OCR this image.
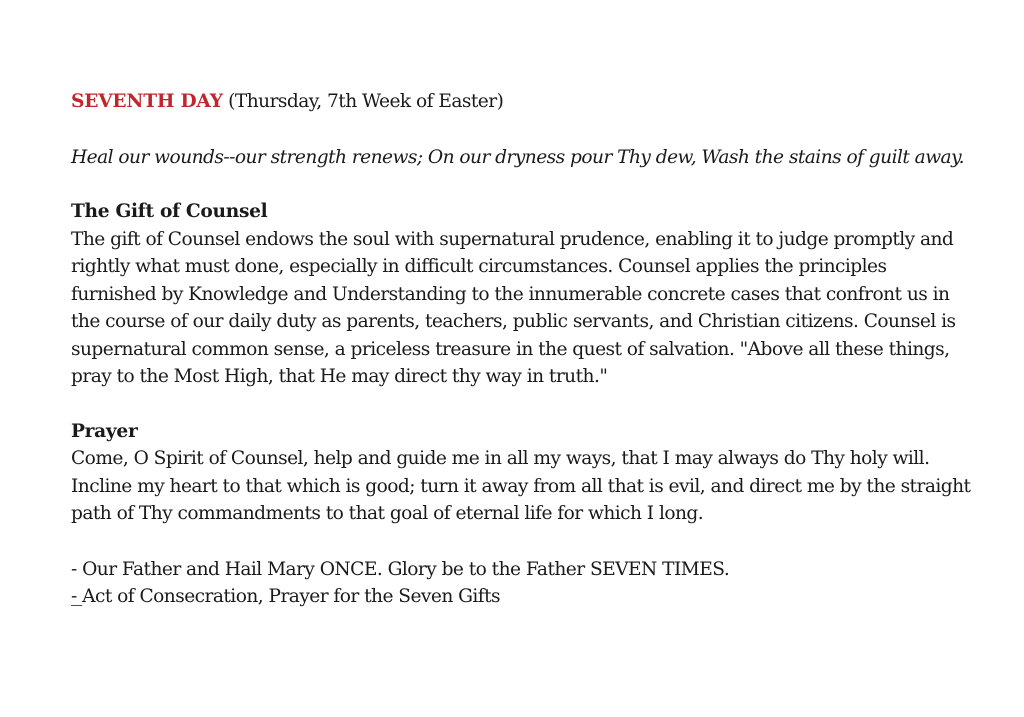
SEVENTH DAY (Thursday, 7th Week of Easter)

Heal our wounds--our strength renews; On our dryness pour Thy dew, Wash the stains of guilt away.

The Gift of Counsel

The gift of Counsel endows the soul with supernatural prudence, enabling it to judge promptly and rightly what must done, especially in difficult circumstances. Counsel applies the principles furnished by Knowledge and Understanding to the innumerable concrete cases that confront us in the course of our daily duty as parents, teachers, public servants, and Christian citizens. Counsel is supernatural common sense, a priceless treasure in the quest of salvation. "Above all these things, pray to the Most High, that He may direct thy way in truth."

Prayer

Come, O Spirit of Counsel, help and guide me in all my ways, that I may always do Thy holy will. Incline my heart to that which is good; turn it away from all that is evil, and direct me by the straight path of Thy commandments to that goal of eternal life for which I long.

- Our Father and Hail Mary ONCE. Glory be to the Father SEVEN TIMES.

- Act of Consecration, Prayer for the Seven Gifts
